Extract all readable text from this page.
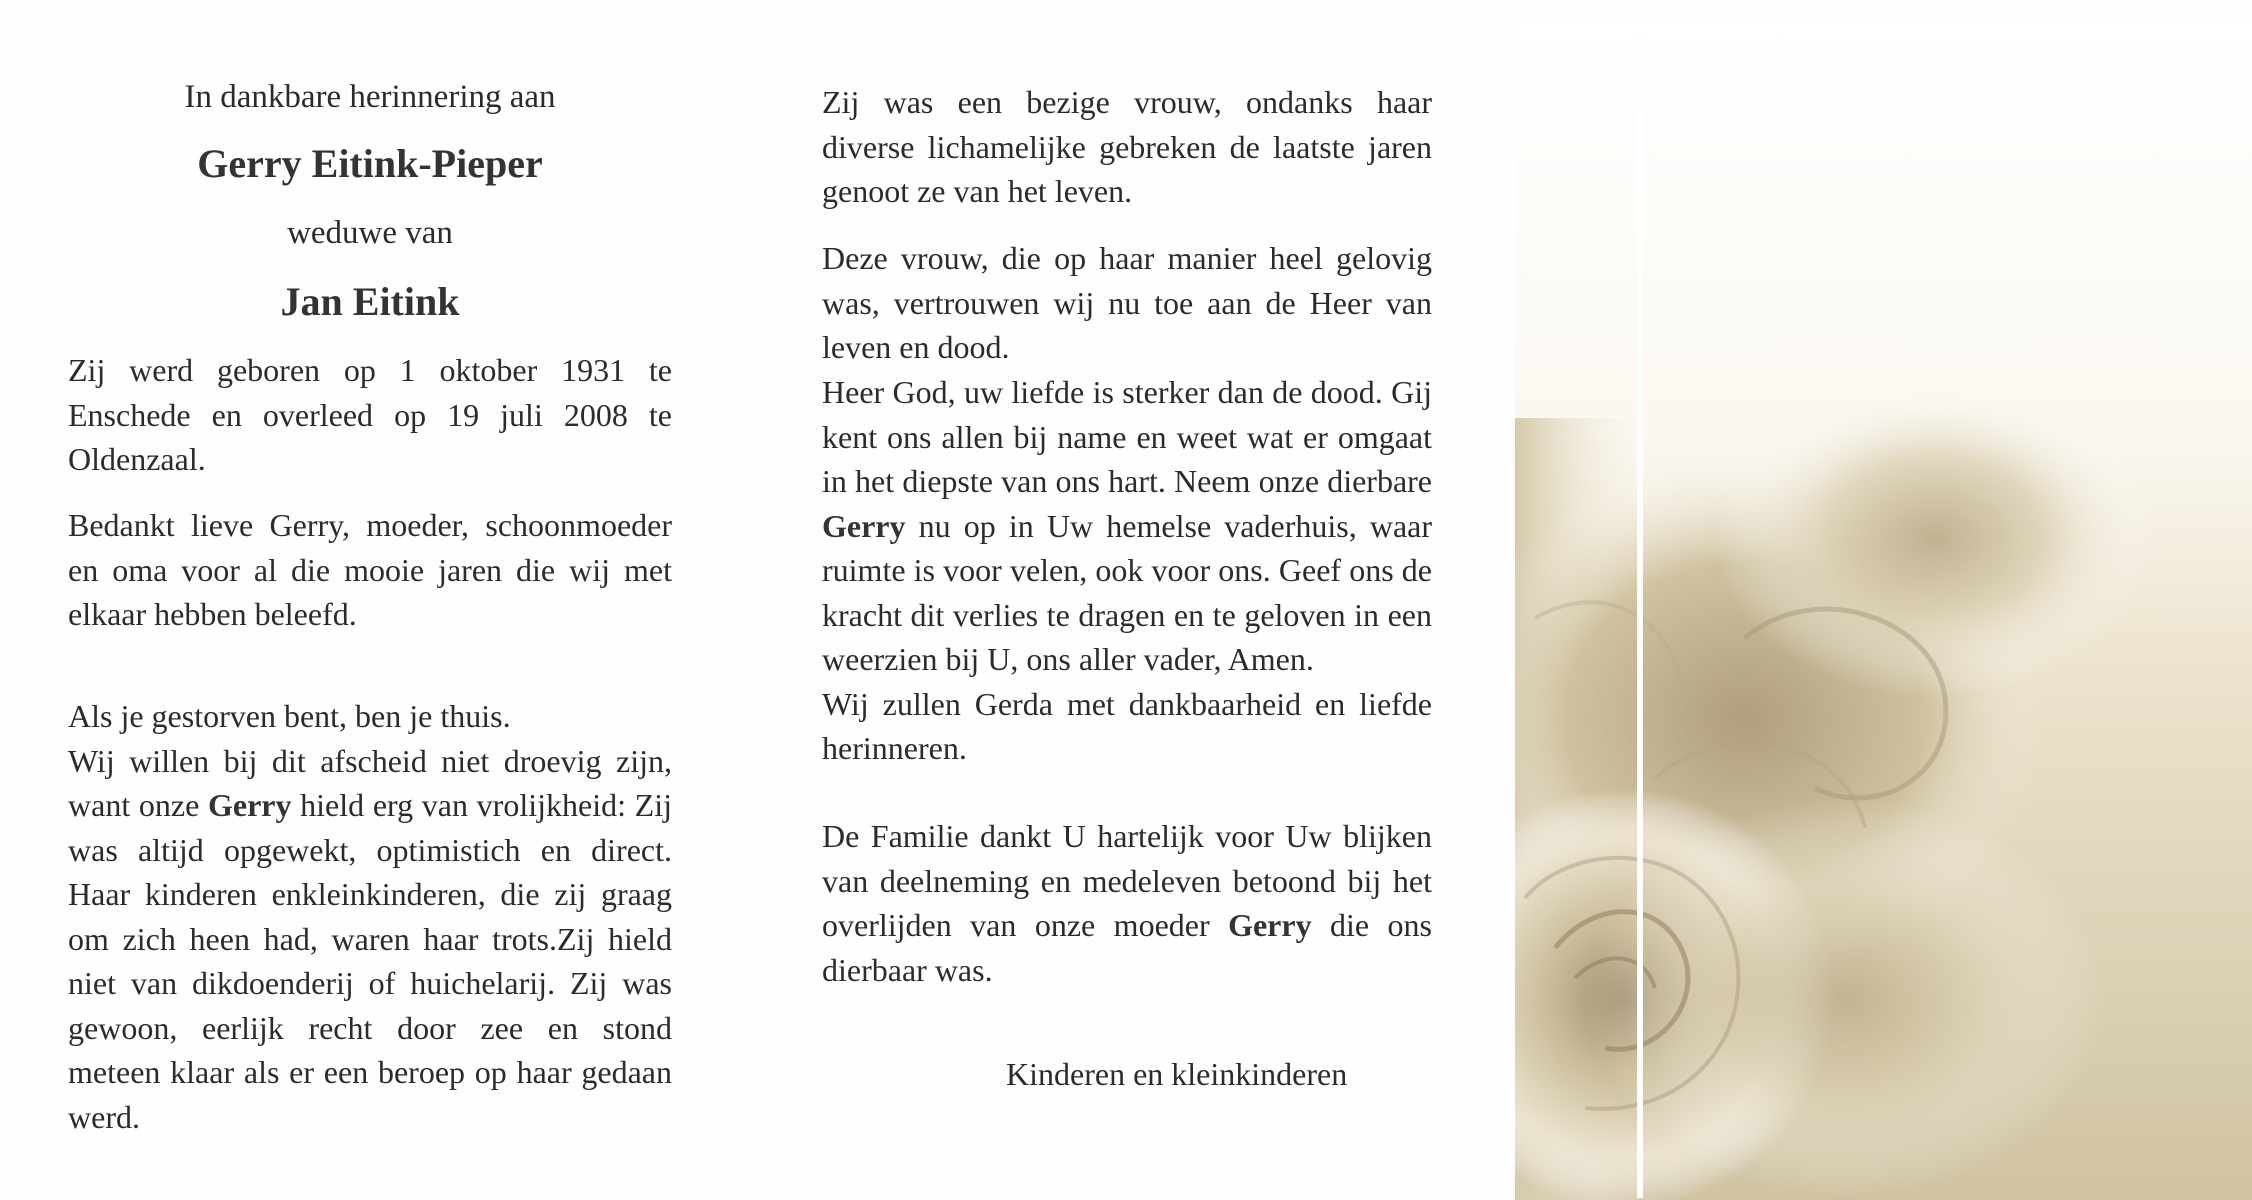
In dankbare herinnering aan

Gerry Eitink-Pieper

weduwe van

Jan Eitink

Zij werd geboren op 1 oktober 1931 te Enschede en overleed op 19 juli 2008 te Oldenzaal.

Bedankt lieve Gerry, moeder, schoonmoeder en oma voor al die mooie jaren die wij met elkaar hebben beleefd.

Als je gestorven bent, ben je thuis.
Wij willen bij dit afscheid niet droevig zijn, want onze Gerry hield erg van vrolijkheid: Zij was altijd opgewekt, optimistich en direct. Haar kinderen enkleinkinderen, die zij graag om zich heen had, waren haar trots.Zij hield niet van dikdoenderij of huichelarij. Zij was gewoon, eerlijk recht door zee en stond meteen klaar als er een beroep op haar gedaan werd.

Zij was een bezige vrouw, ondanks haar diverse lichamelijke gebreken de laatste jaren genoot ze van het leven.

Deze vrouw, die op haar manier heel gelovig was, vertrouwen wij nu toe aan de Heer van leven en dood.

Heer God, uw liefde is sterker dan de dood. Gij kent ons allen bij name en weet wat er omgaat in het diepste van ons hart. Neem onze dierbare Gerry nu op in Uw hemelse vaderhuis, waar ruimte is voor velen, ook voor ons. Geef ons de kracht dit verlies te dragen en te geloven in een weerzien bij U, ons aller vader, Amen.
Wij zullen Gerda met dankbaarheid en liefde herinneren.

De Familie dankt U hartelijk voor Uw blijken van deelneming en medeleven betoond bij het overlijden van onze moeder Gerry die ons dierbaar was.

Kinderen en kleinkinderen
